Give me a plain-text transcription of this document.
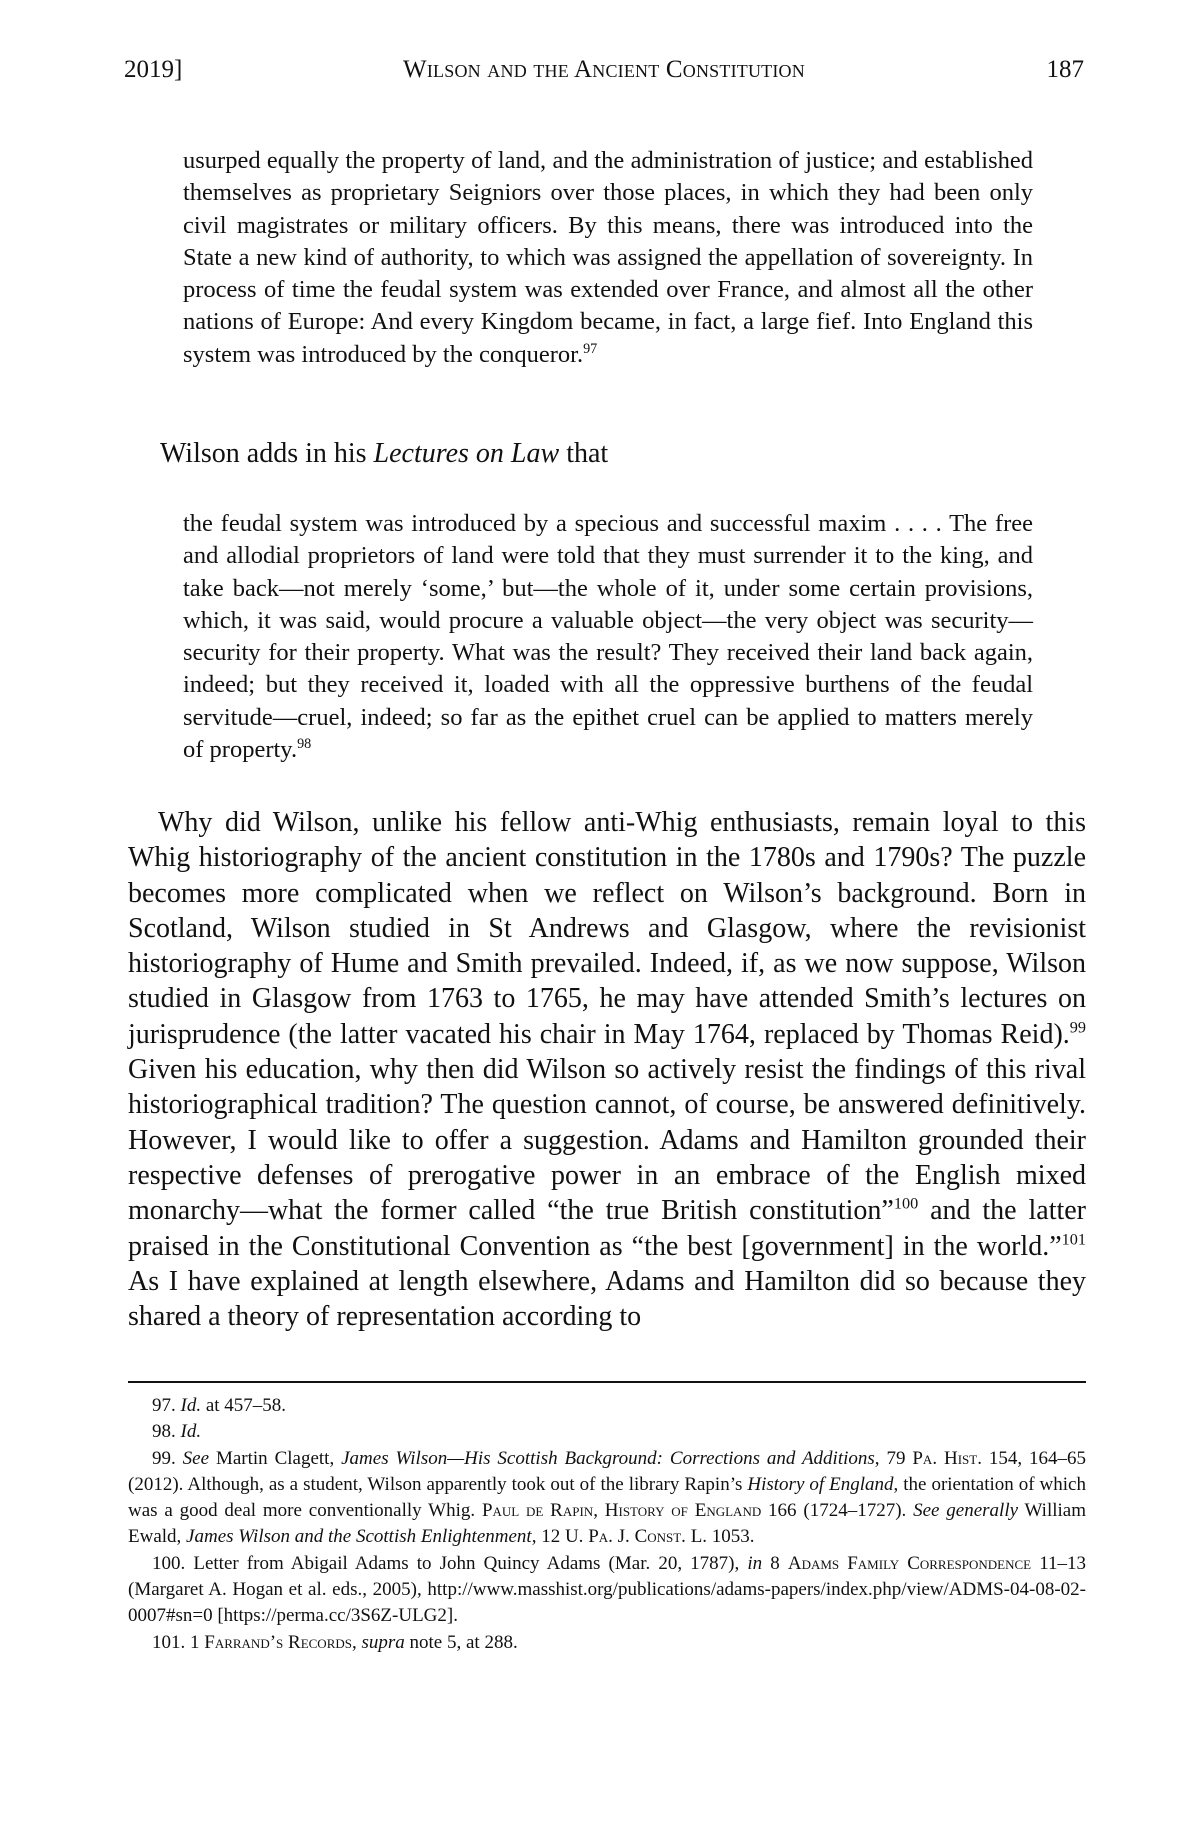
2019]	Wilson and the Ancient Constitution	187

usurped equally the property of land, and the administration of justice; and established themselves as proprietary Seigniors over those places, in which they had been only civil magistrates or military officers. By this means, there was introduced into the State a new kind of authority, to which was assigned the appellation of sovereignty. In process of time the feudal system was extended over France, and almost all the other nations of Europe: And every Kingdom became, in fact, a large fief. Into England this system was introduced by the conqueror.$^{97}$

Wilson adds in his Lectures on Law that

the feudal system was introduced by a specious and successful maxim . . . . The free and allodial proprietors of land were told that they must surrender it to the king, and take back—not merely ‘some,’ but—the whole of it, under some certain provisions, which, it was said, would procure a valuable object—the very object was security—security for their property. What was the result? They received their land back again, indeed; but they received it, loaded with all the oppressive burthens of the feudal servitude—cruel, indeed; so far as the epithet cruel can be applied to matters merely of property.$^{98}$

Why did Wilson, unlike his fellow anti-Whig enthusiasts, remain loyal to this Whig historiography of the ancient constitution in the 1780s and 1790s? The puzzle becomes more complicated when we reflect on Wilson’s background. Born in Scotland, Wilson studied in St Andrews and Glasgow, where the revisionist historiography of Hume and Smith prevailed. Indeed, if, as we now suppose, Wilson studied in Glasgow from 1763 to 1765, he may have attended Smith’s lectures on jurisprudence (the latter vacated his chair in May 1764, replaced by Thomas Reid).$^{99}$ Given his education, why then did Wilson so actively resist the findings of this rival historiographical tradition? The question cannot, of course, be answered definitively. However, I would like to offer a suggestion. Adams and Hamilton grounded their respective defenses of prerogative power in an embrace of the English mixed monarchy—what the former called “the true British constitution”$^{100}$ and the latter praised in the Constitutional Convention as “the best [government] in the world.”$^{101}$ As I have explained at length elsewhere, Adams and Hamilton did so because they shared a theory of representation according to

97. Id. at 457–58.

98. Id.

99. See Martin Clagett, James Wilson—His Scottish Background: Corrections and Additions, 79 Pa. Hist. 154, 164–65 (2012). Although, as a student, Wilson apparently took out of the library Rapin’s History of England, the orientation of which was a good deal more conventionally Whig. Paul de Rapin, History of England 166 (1724–1727). See generally William Ewald, James Wilson and the Scottish Enlightenment, 12 U. Pa. J. Const. L. 1053.

100. Letter from Abigail Adams to John Quincy Adams (Mar. 20, 1787), in 8 Adams Family Correspondence 11–13 (Margaret A. Hogan et al. eds., 2005), http://www.masshist.org/publications/adams-papers/index.php/view/ADMS-04-08-02-0007#sn=0 [https://perma.cc/3S6Z-ULG2].

101. 1 Farrand’s Records, supra note 5, at 288.
